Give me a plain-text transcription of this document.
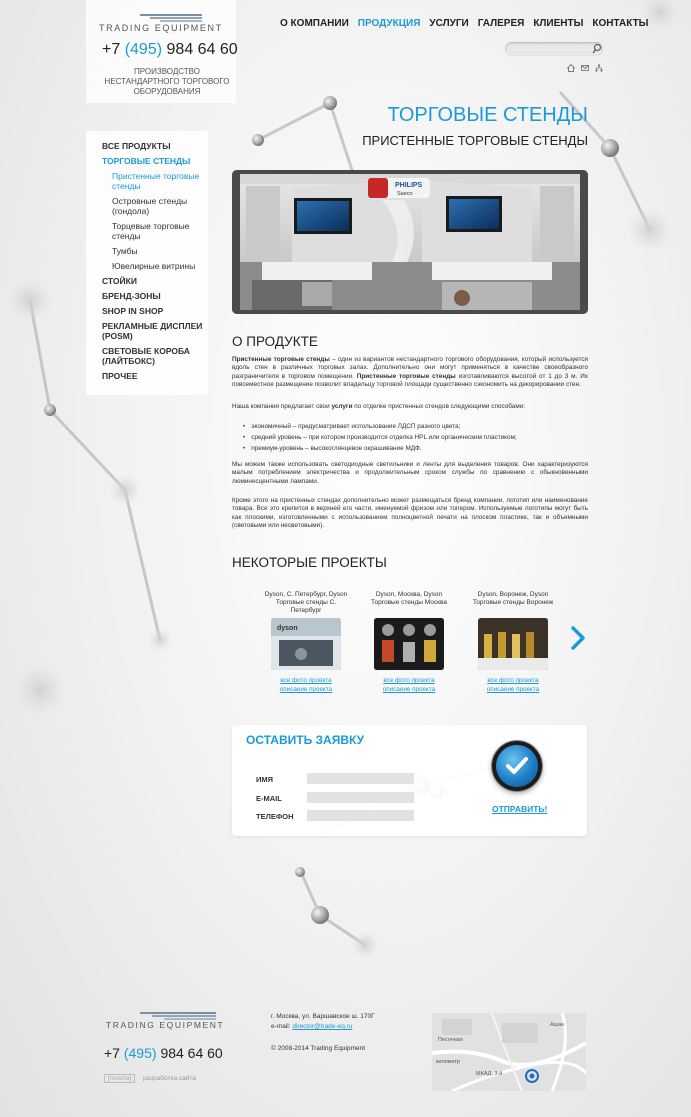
TRADING EQUIPMENT
+7 (495) 984 64 60
ПРОИЗВОДСТВО НЕСТАНДАРТНОГО ТОРГОВОГО ОБОРУДОВАНИЯ
О КОМПАНИИ ПРОДУКЦИЯ УСЛУГИ ГАЛЕРЕЯ КЛИЕНТЫ КОНТАКТЫ
ВСЕ ПРОДУКТЫ
ТОРГОВЫЕ СТЕНДЫ
Пристенные торговые стенды
Островные стенды (гондола)
Торцевые торговые стенды
Тумбы
Ювелирные витрины
СТОЙКИ
БРЕНД-ЗОНЫ
SHOP IN SHOP
РЕКЛАМНЫЕ ДИСПЛЕИ (POSM)
СВЕТОВЫЕ КОРОБА (ЛАЙТБОКС)
ПРОЧЕЕ
ТОРГОВЫЕ СТЕНДЫ
ПРИСТЕННЫЕ ТОРГОВЫЕ СТЕНДЫ
PHILIPS
Saeco
О ПРОДУКТЕ
Пристенные торговые стенды – один из вариантов нестандартного торгового оборудования, который используется вдоль стен в различных торговых залах. Дополнительно они могут применяться в качестве своеобразного разграничителя в торговом помещении. Пристенные торговые стенды изготавливаются высотой от 1 до 3 м. Их повсеместное размещение позволит владельцу торговой площади существенно сэкономить на декорировании стен.
Наша компания предлагает свои услуги по отделке пристенных стендов следующими способами:
• экономичный – предусматривает использование ЛДСП разного цвета;
• средний уровень – при котором производится отделка HPL или органическим пластиком;
• премиум-уровень – высокоглянцевое окрашивание МДФ.
Мы можем также использовать светодиодные светильники и ленты для выделения товаров. Они характеризуются малым потреблением электричества и продолжительным сроком службы по сравнению с обыкновенными люминесцентными лампами.
Кроме этого на пристенных стендах дополнительно может размещаться бренд компании, логотип или наименование товара. Все это крепится в верхней его части, именуемой фризом или топером. Используемые логотипы могут быть как плоскими, изготовленными с использованием полноцветной печати на плоском пластике, так и объемными (световыми или несветовыми).
НЕКОТОРЫЕ ПРОЕКТЫ
Dyson, С. Петербург, Dyson Торговые стенды С. Петербург
dyson
все фото проекта
описание проекта
Dyson, Москва, Dyson Торговые стенды Москва
все фото проекта
описание проекта
Dyson, Воронеж, Dyson Торговые стенды Воронеж
все фото проекта
описание проекта
ОСТАВИТЬ ЗАЯВКУ
ИМЯ
E-MAIL
ТЕЛЕФОН
ОТПРАВИТЬ!
TRADING EQUIPMENT
+7 (495) 984 64 60
[mosha] разработка сайта
г. Москва, ул. Варшавское ш. 170Г
e-mail: director@trade-eq.ru
© 2008-2014 Trading Equipment
Песочная
Ашан
километр
МКАД, 3-й
